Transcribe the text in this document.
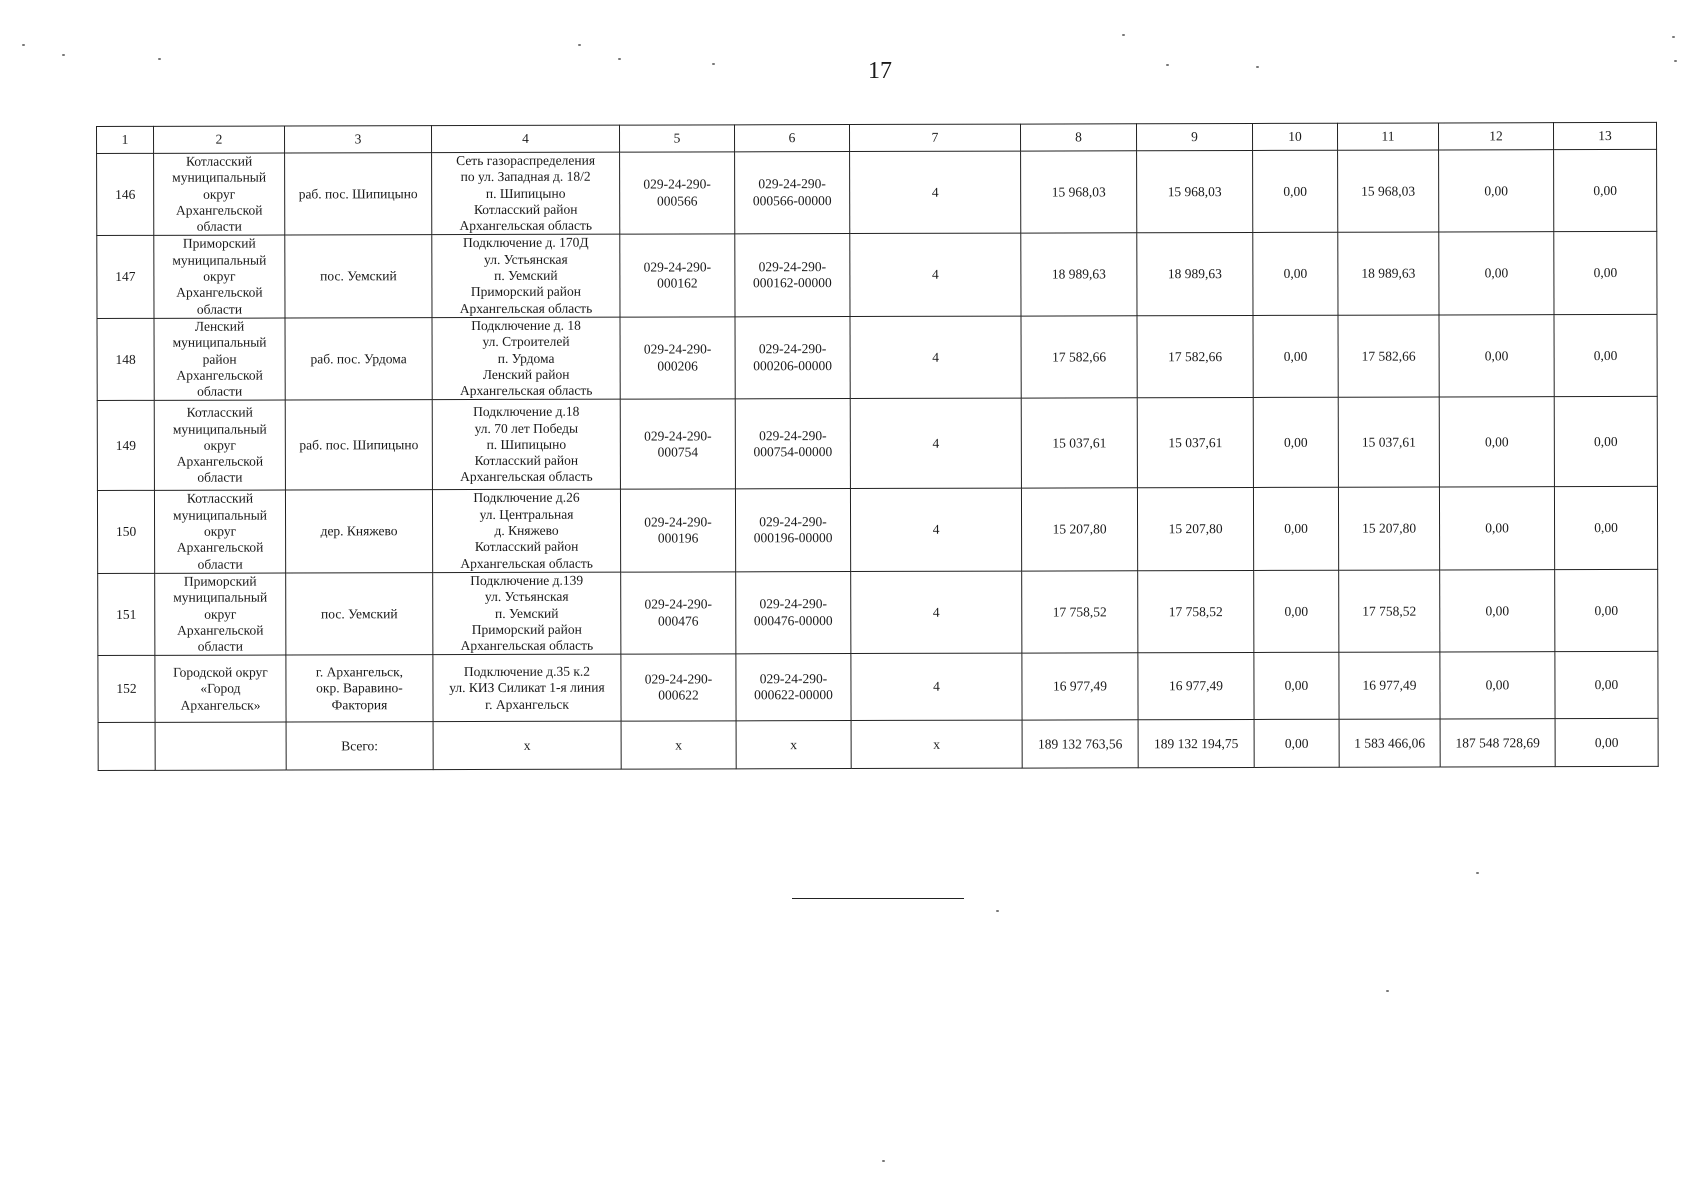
17
1	2	3	4	5	6	7	8	9	10	11	12	13
146	Котласский
муниципальный
округ
Архангельской
области	раб. пос. Шипицыно	Сеть газораспределения
по ул. Западная д. 18/2
п. Шипицыно
Котласский район
Архангельская область	029-24-290-
000566	029-24-290-
000566-00000	4	15 968,03	15 968,03	0,00	15 968,03	0,00	0,00
147	Приморский
муниципальный
округ
Архангельской
области	пос. Уемский	Подключение д. 170Д
ул. Устьянская
п. Уемский
Приморский район
Архангельская область	029-24-290-
000162	029-24-290-
000162-00000	4	18 989,63	18 989,63	0,00	18 989,63	0,00	0,00
148	Ленский
муниципальный
район
Архангельской
области	раб. пос. Урдома	Подключение д. 18
ул. Строителей
п. Урдома
Ленский район
Архангельская область	029-24-290-
000206	029-24-290-
000206-00000	4	17 582,66	17 582,66	0,00	17 582,66	0,00	0,00
149	Котласский
муниципальный
округ
Архангельской
области	раб. пос. Шипицыно	Подключение д.18
ул. 70 лет Победы
п. Шипицыно
Котласский район
Архангельская область	029-24-290-
000754	029-24-290-
000754-00000	4	15 037,61	15 037,61	0,00	15 037,61	0,00	0,00
150	Котласский
муниципальный
округ
Архангельской
области	дер. Княжево	Подключение д.26
ул. Центральная
д. Княжево
Котласский район
Архангельская область	029-24-290-
000196	029-24-290-
000196-00000	4	15 207,80	15 207,80	0,00	15 207,80	0,00	0,00
151	Приморский
муниципальный
округ
Архангельской
области	пос. Уемский	Подключение д.139
ул. Устьянская
п. Уемский
Приморский район
Архангельская область	029-24-290-
000476	029-24-290-
000476-00000	4	17 758,52	17 758,52	0,00	17 758,52	0,00	0,00
152	Городской округ
«Город
Архангельск»	г. Архангельск,
окр. Варавино-
Фактория	Подключение д.35 к.2
ул. КИЗ Силикат 1-я линия
г. Архангельск	029-24-290-
000622	029-24-290-
000622-00000	4	16 977,49	16 977,49	0,00	16 977,49	0,00	0,00
		Всего:	х	х	х	х	189 132 763,56	189 132 194,75	0,00	1 583 466,06	187 548 728,69	0,00
